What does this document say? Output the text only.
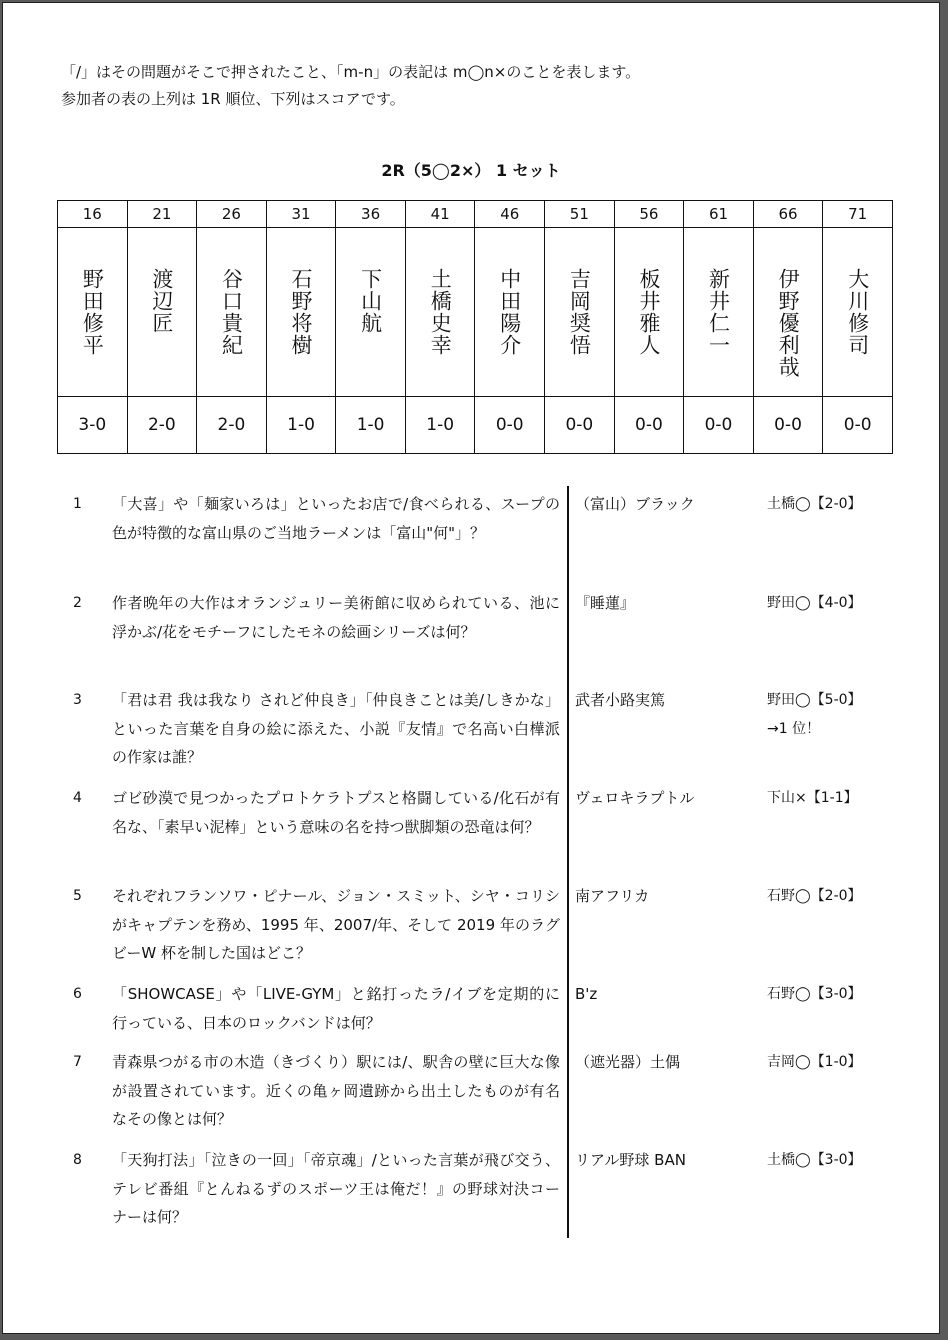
「/」はその問題がそこで押されたこと、「m-n」の表記は m◯n×のことを表します。
参加者の表の上列は 1R 順位、下列はスコアです。
2R（5◯2×） 1 セット
16	21	26	31	36	41	46	51	56	61	66	71
野田修平	渡辺匠	谷口貴紀	石野将樹	下山航	土橋史幸	中田陽介	吉岡奨悟	板井雅人	新井仁一	伊野優利哉	大川修司
3-0	2-0	2-0	1-0	1-0	1-0	0-0	0-0	0-0	0-0	0-0	0-0
1 「大喜」や「麺家いろは」といったお店で/食べられる、スープの色が特徴的な富山県のご当地ラーメンは「富山"何"」？
（富山）ブラック	土橋◯【2-0】
2 作者晩年の大作はオランジュリー美術館に収められている、池に浮かぶ/花をモチーフにしたモネの絵画シリーズは何？
『睡蓮』	野田◯【4-0】
3 「君は君 我は我なり されど仲良き」「仲良きことは美/しきかな」といった言葉を自身の絵に添えた、小説『友情』で名高い白樺派の作家は誰？
武者小路実篤	野田◯【5-0】
→1 位！
4 ゴビ砂漠で見つかったプロトケラトプスと格闘している/化石が有名な、「素早い泥棒」という意味の名を持つ獣脚類の恐竜は何？
ヴェロキラプトル	下山×【1-1】
5 それぞれフランソワ・ピナール、ジョン・スミット、シヤ・コリシがキャプテンを務め、1995 年、2007/年、そして 2019 年のラグビーW 杯を制した国はどこ？
南アフリカ	石野◯【2-0】
6 「SHOWCASE」や「LIVE-GYM」と銘打ったラ/イブを定期的に行っている、日本のロックバンドは何？
B'z	石野◯【3-0】
7 青森県つがる市の木造（きづくり）駅には/、駅舎の壁に巨大な像が設置されています。近くの亀ヶ岡遺跡から出土したものが有名なその像とは何？
（遮光器）土偶	吉岡◯【1-0】
8 「天狗打法」「泣きの一回」「帝京魂」/といった言葉が飛び交う、テレビ番組『とんねるずのスポーツ王は俺だ！』の野球対決コーナーは何？
リアル野球 BAN	土橋◯【3-0】
